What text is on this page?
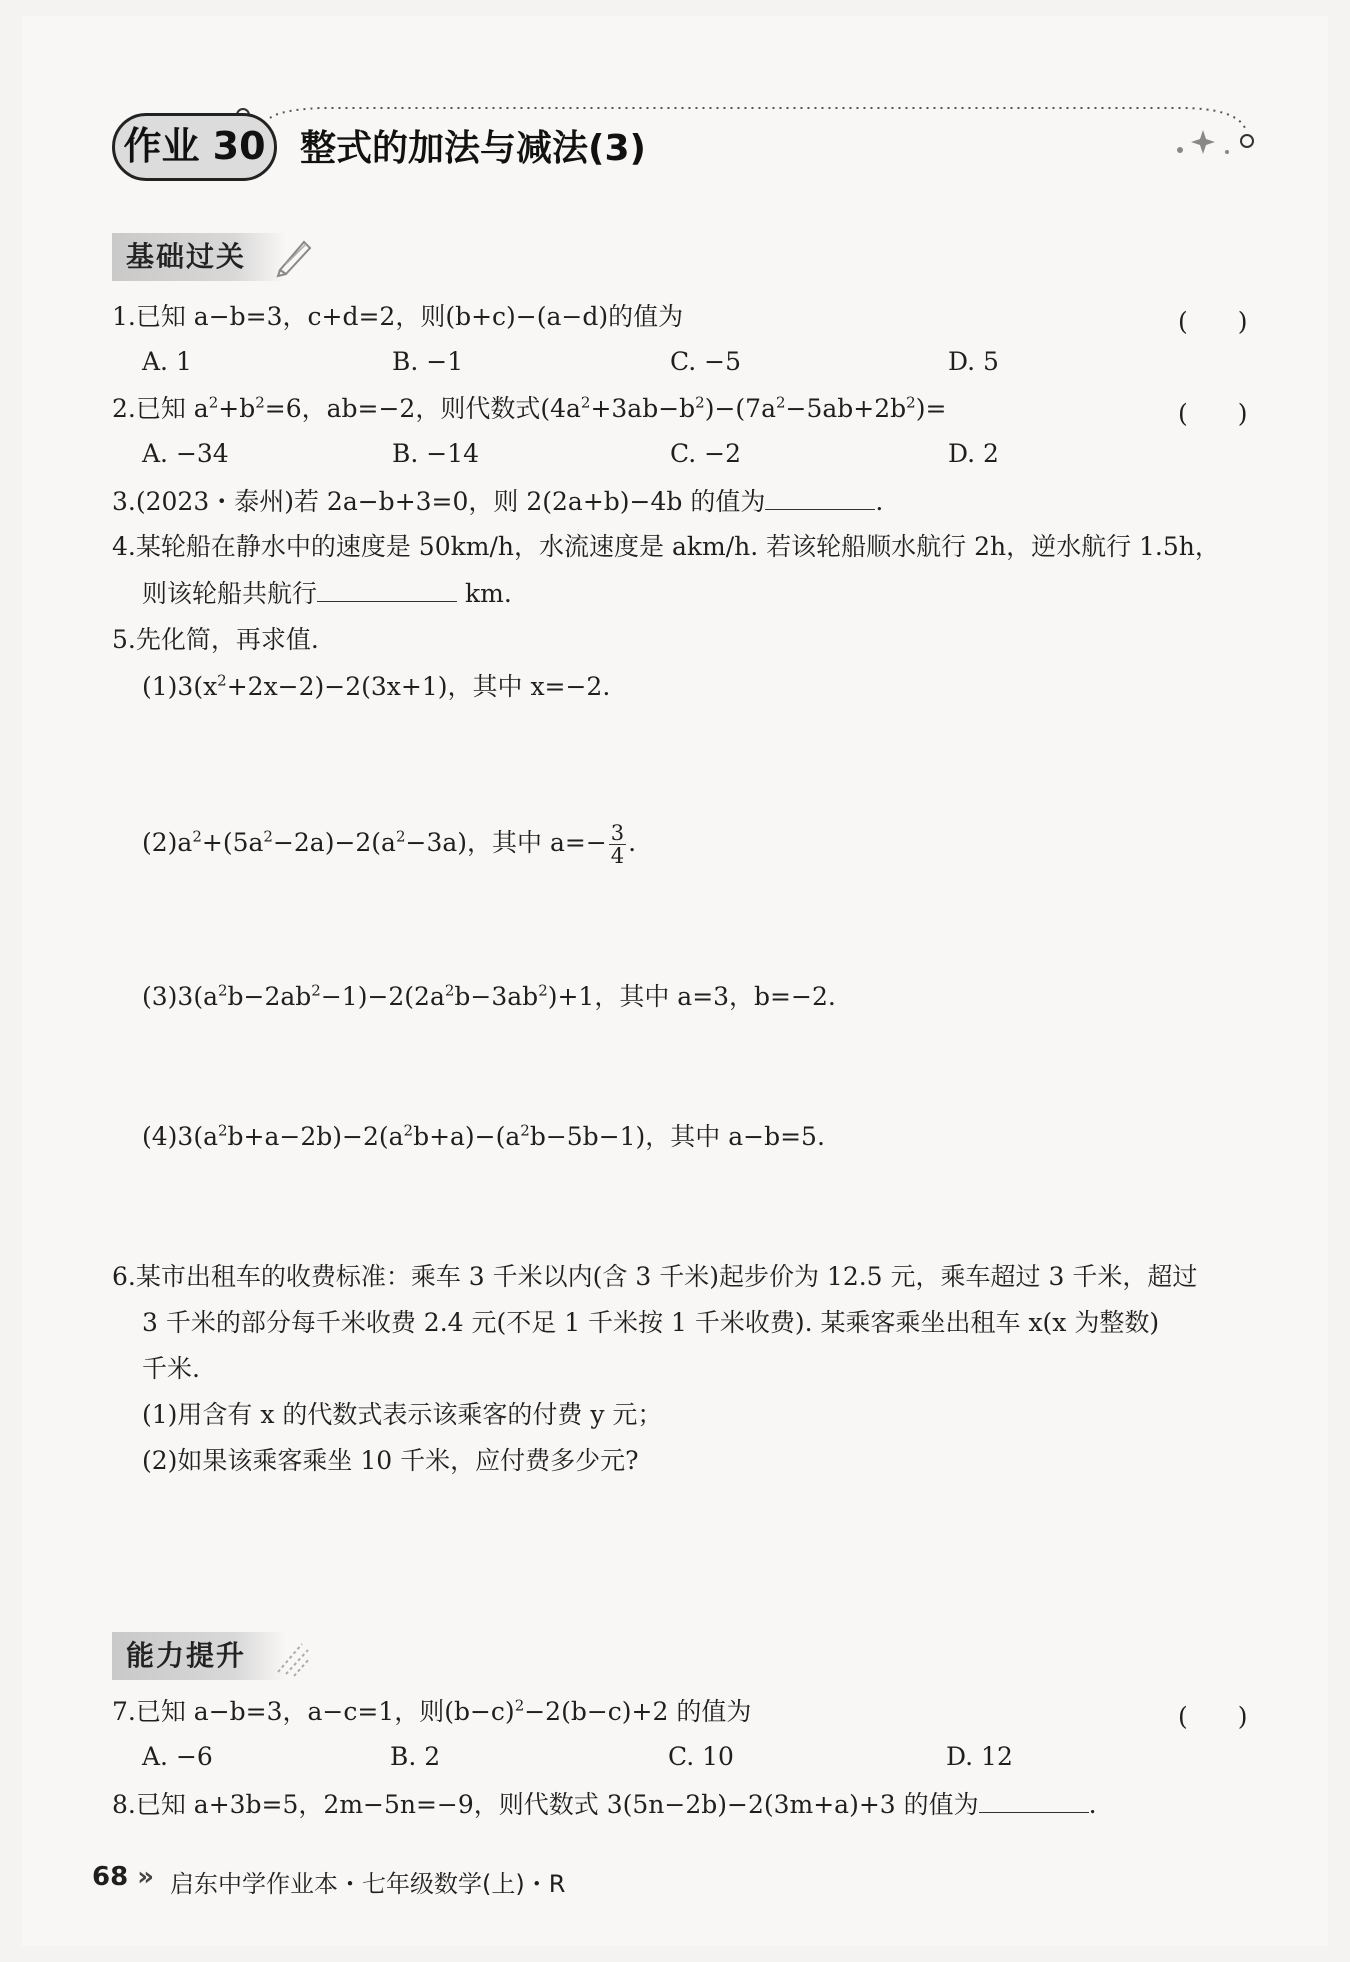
作业 30 整式的加法与减法(3)
基础过关
1.已知 a−b=3，c+d=2，则(b+c)−(a−d)的值为	(　　)
A. 1	B. −1	C. −5	D. 5
2.已知 $a^2+b^2=6$，ab=−2，则代数式$(4a^2+3ab-b^2)-(7a^2-5ab+2b^2)=$	(　　)
A. −34	B. −14	C. −2	D. 2
3.(2023・泰州)若 2a−b+3=0，则 2(2a+b)−4b 的值为	.
4.某轮船在静水中的速度是 50km/h，水流速度是 akm/h. 若该轮船顺水航行 2h，逆水航行 1.5h，
则该轮船共航行	km.
5.先化简，再求值.
$(1)3(x^2+2x-2)-2(3x+1)$，其中 x=−2.
$(2)a^2+(5a^2-2a)-2(a^2-3a)$，其中 $a=- \frac{3}{4}$ .
$(3)3(a^2b-2ab^2-1)-2(2a^2b-3ab^2)+1$，其中 a=3，b=−2.
$(4)3(a^2b+a-2b)-2(a^2b+a)-(a^2b-5b-1)$，其中 a−b=5.
6.某市出租车的收费标准：乘车 3 千米以内(含 3 千米)起步价为 12.5 元，乘车超过 3 千米，超过
3 千米的部分每千米收费 2.4 元(不足 1 千米按 1 千米收费). 某乘客乘坐出租车 x(x 为整数)
千米.
(1)用含有 x 的代数式表示该乘客的付费 y 元；
(2)如果该乘客乘坐 10 千米，应付费多少元?
能力提升
7.已知 a−b=3，a−c=1，则$(b-c)^2-2(b-c)+2$ 的值为	(　　)
A. −6	B. 2	C. 10	D. 12
8.已知 a+3b=5，2m−5n=−9，则代数式 3(5n−2b)−2(3m+a)+3 的值为	.
68 » 启东中学作业本・七年级数学(上)・R
